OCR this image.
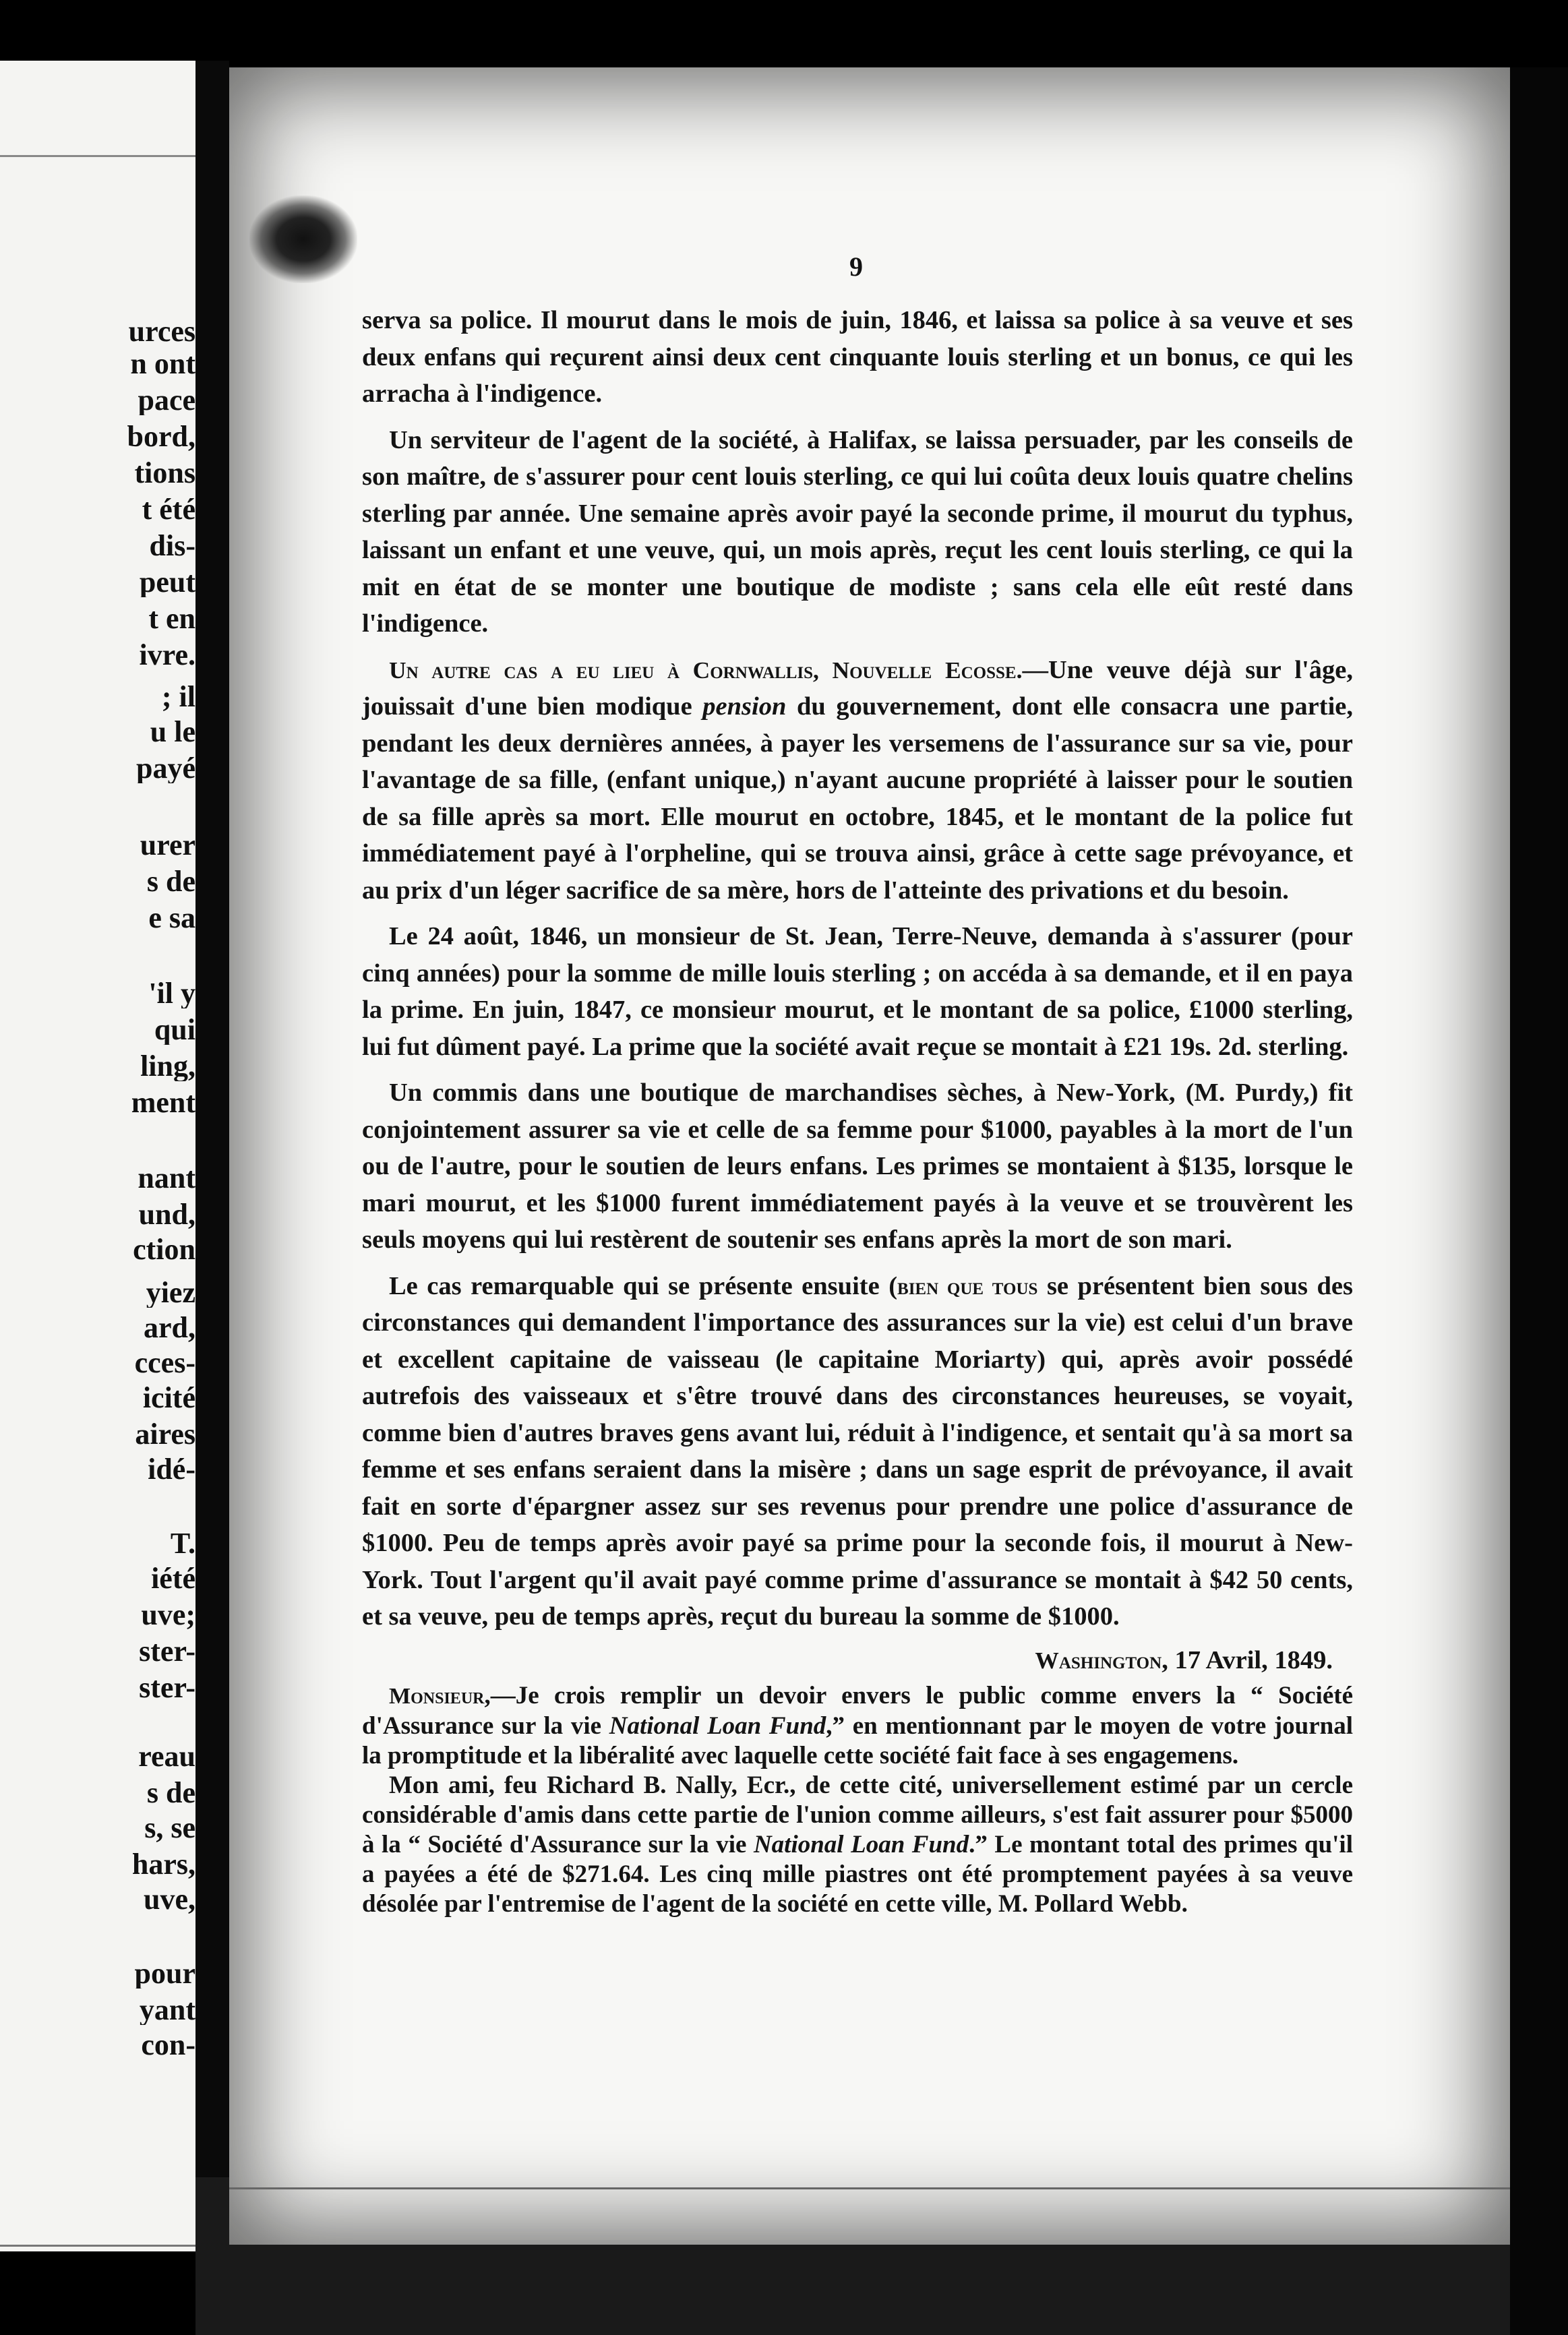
urces
n ont
pace
bord,
tions
t été
dis-
peut
t en
ivre.
; il
u le
payé
urer
s de
e sa
'il y
qui
ling,
ment
nant
und,
ction
yiez
ard,
cces-
icité
aires
idé-
T.
iété
uve;
ster-
ster-
reau
s de
s, se
hars,
uve,
pour
yant
con-
9

serva sa police. Il mourut dans le mois de juin, 1846, et laissa sa police à sa veuve et ses deux enfans qui reçurent ainsi deux cent cinquante louis sterling et un bonus, ce qui les arracha à l'indigence.

Un serviteur de l'agent de la société, à Halifax, se laissa persuader, par les conseils de son maître, de s'assurer pour cent louis sterling, ce qui lui coûta deux louis quatre chelins sterling par année. Une semaine après avoir payé la seconde prime, il mourut du typhus, laissant un enfant et une veuve, qui, un mois après, reçut les cent louis sterling, ce qui la mit en état de se monter une boutique de modiste ; sans cela elle eût resté dans l'indigence.

Un autre cas a eu lieu à Cornwallis, Nouvelle Ecosse.—Une veuve déjà sur l'âge, jouissait d'une bien modique pension du gouvernement, dont elle consacra une partie, pendant les deux dernières années, à payer les versemens de l'assurance sur sa vie, pour l'avantage de sa fille, (enfant unique,) n'ayant aucune propriété à laisser pour le soutien de sa fille après sa mort. Elle mourut en octobre, 1845, et le montant de la police fut immédiatement payé à l'orpheline, qui se trouva ainsi, grâce à cette sage prévoyance, et au prix d'un léger sacrifice de sa mère, hors de l'atteinte des privations et du besoin.

Le 24 août, 1846, un monsieur de St. Jean, Terre-Neuve, demanda à s'assurer (pour cinq années) pour la somme de mille louis sterling ; on accéda à sa demande, et il en paya la prime. En juin, 1847, ce monsieur mourut, et le montant de sa police, £1000 sterling, lui fut dûment payé. La prime que la société avait reçue se montait à £21 19s. 2d. sterling.

Un commis dans une boutique de marchandises sèches, à New-York, (M. Purdy,) fit conjointement assurer sa vie et celle de sa femme pour $1000, payables à la mort de l'un ou de l'autre, pour le soutien de leurs enfans. Les primes se montaient à $135, lorsque le mari mourut, et les $1000 furent immédiatement payés à la veuve et se trouvèrent les seuls moyens qui lui restèrent de soutenir ses enfans après la mort de son mari.

Le cas remarquable qui se présente ensuite (bien que tous se présentent bien sous des circonstances qui demandent l'importance des assurances sur la vie) est celui d'un brave et excellent capitaine de vaisseau (le capitaine Moriarty) qui, après avoir possédé autrefois des vaisseaux et s'être trouvé dans des circonstances heureuses, se voyait, comme bien d'autres braves gens avant lui, réduit à l'indigence, et sentait qu'à sa mort sa femme et ses enfans seraient dans la misère ; dans un sage esprit de prévoyance, il avait fait en sorte d'épargner assez sur ses revenus pour prendre une police d'assurance de $1000. Peu de temps après avoir payé sa prime pour la seconde fois, il mourut à New-York. Tout l'argent qu'il avait payé comme prime d'assurance se montait à $42 50 cents, et sa veuve, peu de temps après, reçut du bureau la somme de $1000.

Washington, 17 Avril, 1849.

Monsieur,—Je crois remplir un devoir envers le public comme envers la “ Société d'Assurance sur la vie National Loan Fund,” en mentionnant par le moyen de votre journal la promptitude et la libéralité avec laquelle cette société fait face à ses engagemens.

Mon ami, feu Richard B. Nally, Ecr., de cette cité, universellement estimé par un cercle considérable d'amis dans cette partie de l'union comme ailleurs, s'est fait assurer pour $5000 à la “ Société d'Assurance sur la vie National Loan Fund.” Le montant total des primes qu'il a payées a été de $271.64. Les cinq mille piastres ont été promptement payées à sa veuve désolée par l'entremise de l'agent de la société en cette ville, M. Pollard Webb.
